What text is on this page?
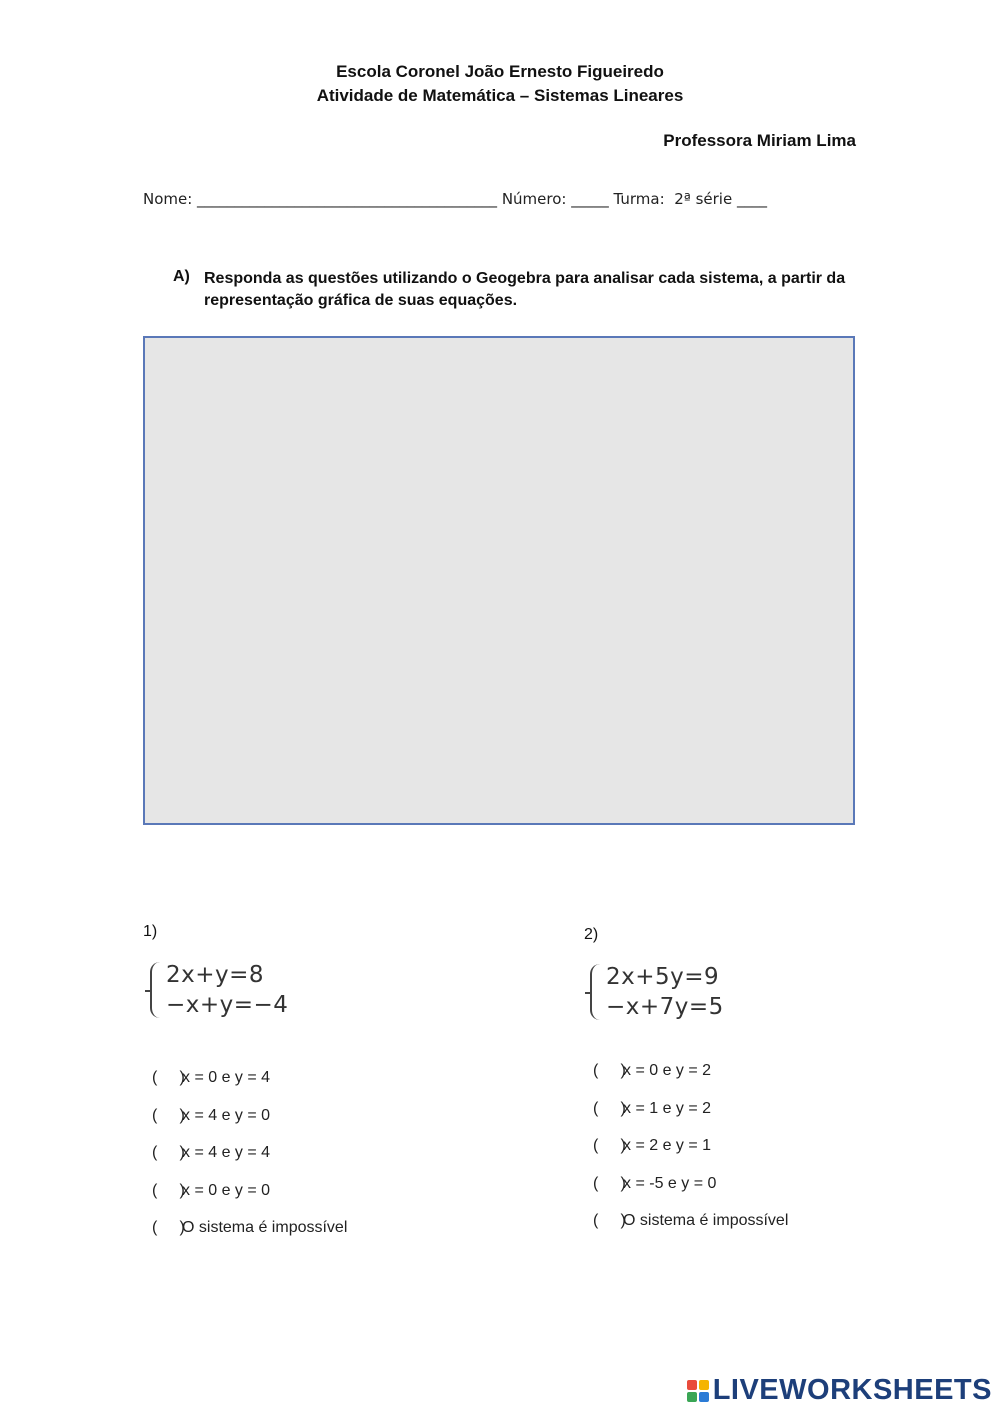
Escola Coronel João Ernesto Figueiredo
Atividade de Matemática – Sistemas Lineares
Professora Miriam Lima
Nome: ________________________________________ Número: _____ Turma:  2ª série ____
A) Responda as questões utilizando o Geogebra para analisar cada sistema, a partir da representação gráfica de suas equações.
1)
2x+y=8
−x+y=−4
(     )
x = 0 e y = 4
(     )
x = 4 e y = 0
(     )
x = 4 e y = 4
(     )
x = 0 e y = 0
(     )
O sistema é impossível
2)
2x+5y=9
−x+7y=5
(     )
x = 0 e y = 2
(     )
x = 1 e y = 2
(     )
x = 2 e y = 1
(     )
x = -5 e y = 0
(     )
O sistema é impossível
LIVEWORKSHEETS
